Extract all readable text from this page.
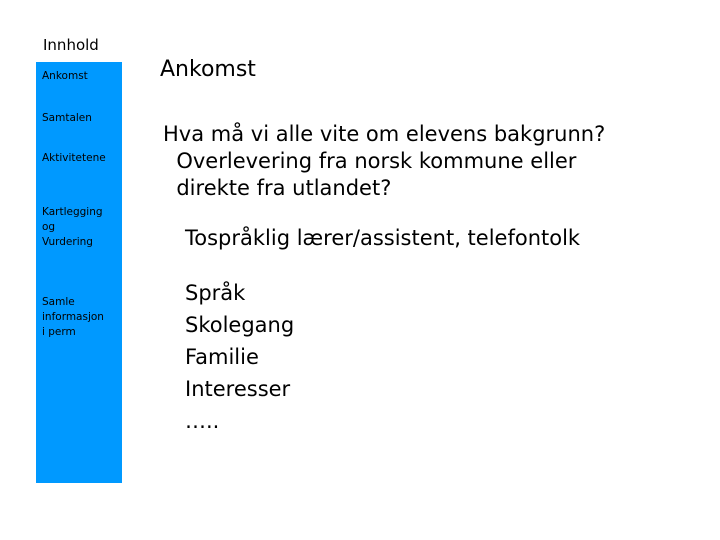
Innhold
Ankomst
Samtalen
Aktivitetene
Kartlegging
og
Vurdering
Samle
informasjon
i perm
Ankomst
Hva må vi alle vite om elevens bakgrunn?
Overlevering fra norsk kommune eller
direkte fra utlandet?
Tospråklig lærer/assistent, telefontolk
Språk
Skolegang
Familie
Interesser
…..
